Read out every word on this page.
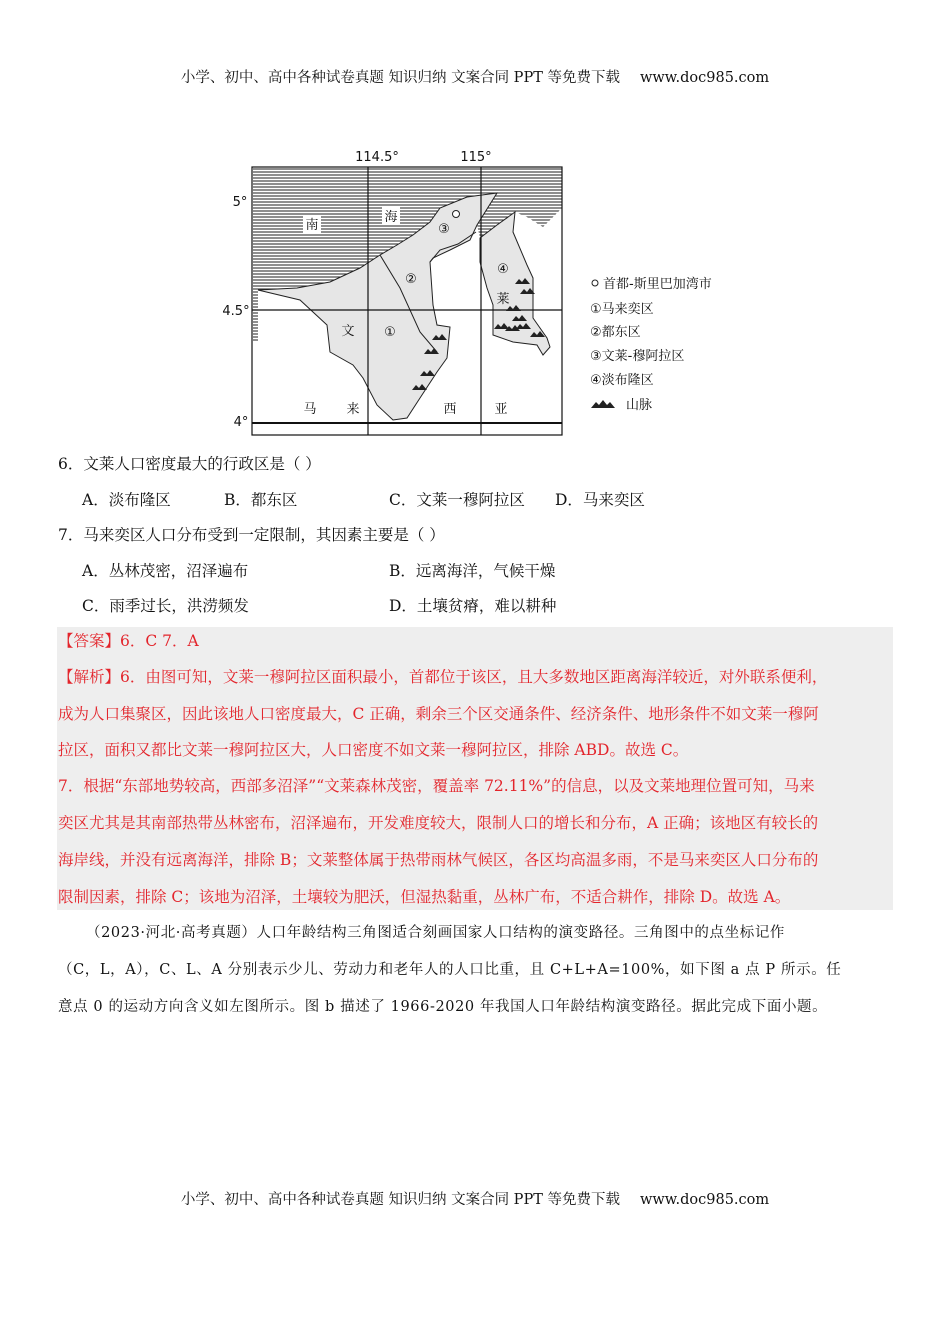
小学、初中、高中各种试卷真题 知识归纳 文案合同 PPT 等免费下载 www.doc985.com
114.5°	115°
5°
4.5°
4°
南
海
文
莱
马 来	西	亚
①
②
③
④
首都-斯里巴加湾市
①马来奕区
②都东区
③文莱-穆阿拉区
④淡布隆区
山脉
6．文莱人口密度最大的行政区是（ ）
A．淡布隆区	B．都东区	C．文莱一穆阿拉区 D．马来奕区
7．马来奕区人口分布受到一定限制，其因素主要是（ ）
A．丛林茂密，沼泽遍布	B．远离海洋，气候干燥
C．雨季过长，洪涝频发	D．土壤贫瘠，难以耕种
【答案】6．C 7．A
【解析】6．由图可知，文莱一穆阿拉区面积最小，首都位于该区，且大多数地区距离海洋较近，对外联系便利，
成为人口集聚区，因此该地人口密度最大，C 正确，剩余三个区交通条件、经济条件、地形条件不如文莱一穆阿
拉区，面积又都比文莱一穆阿拉区大，人口密度不如文莱一穆阿拉区，排除 ABD。故选 C。
7．根据“东部地势较高，西部多沼泽”“文莱森林茂密，覆盖率 72.11%”的信息，以及文莱地理位置可知，马来
奕区尤其是其南部热带丛林密布，沼泽遍布，开发难度较大，限制人口的增长和分布，A 正确；该地区有较长的
海岸线，并没有远离海洋，排除 B；文莱整体属于热带雨林气候区，各区均高温多雨，不是马来奕区人口分布的
限制因素，排除 C；该地为沼泽，土壤较为肥沃，但湿热黏重，丛林广布，不适合耕作，排除 D。故选 A。
（2023·河北·高考真题）人口年龄结构三角图适合刻画国家人口结构的演变路径。三角图中的点坐标记作
（C，L，A），C、L、A 分别表示少儿、劳动力和老年人的人口比重，且 C+L+A=100%，如下图 a 点 P 所示。任
意点 0 的运动方向含义如左图所示。图 b 描述了 1966-2020 年我国人口年龄结构演变路径。据此完成下面小题。
小学、初中、高中各种试卷真题 知识归纳 文案合同 PPT 等免费下载 www.doc985.com
